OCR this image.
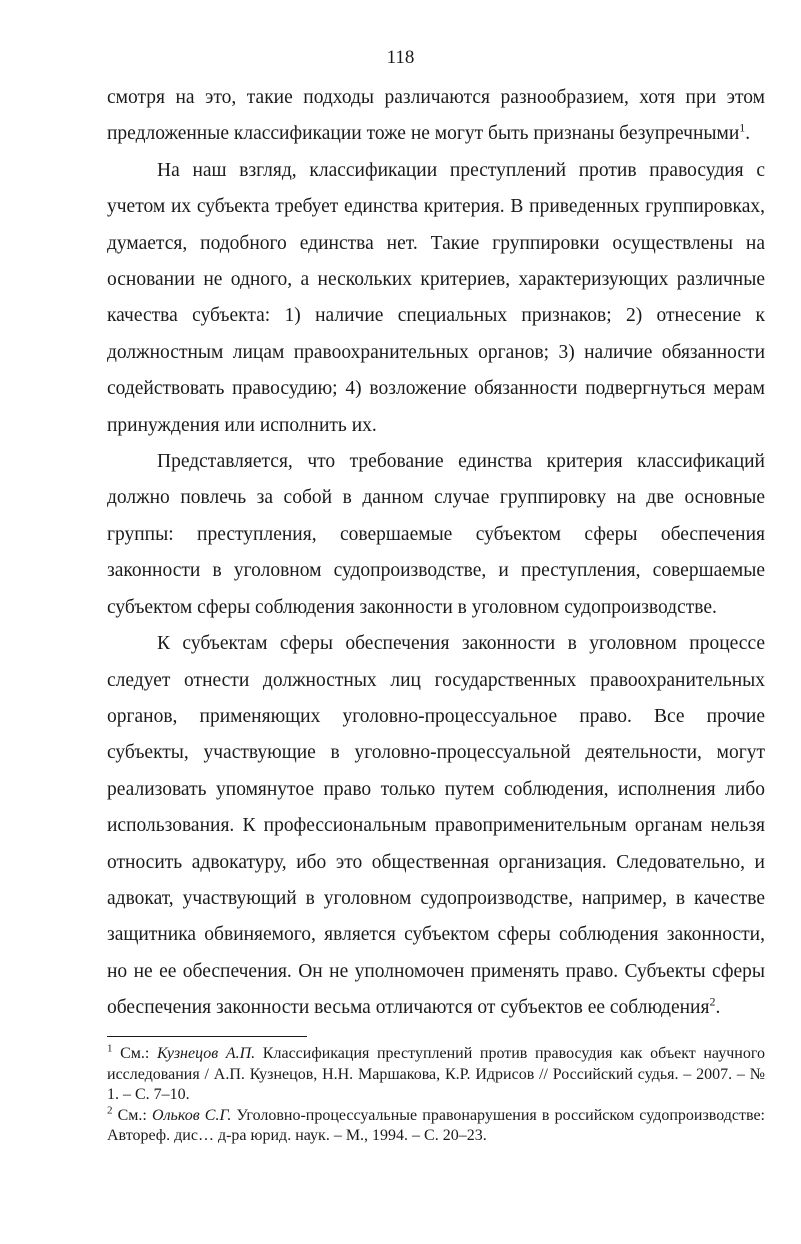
118

смотря на это, такие подходы различаются разнообразием, хотя при этом предложенные классификации тоже не могут быть признаны безупречными$^1$.

На наш взгляд, классификации преступлений против правосудия с учетом их субъекта требует единства критерия. В приведенных группировках, думается, подобного единства нет. Такие группировки осуществлены на основании не одного, а нескольких критериев, характеризующих различные качества субъекта: 1) наличие специальных признаков; 2) отнесение к должностным лицам правоохранительных органов; 3) наличие обязанности содействовать правосудию; 4) возложение обязанности подвергнуться мерам принуждения или исполнить их.

Представляется, что требование единства критерия классификаций должно повлечь за собой в данном случае группировку на две основные группы: преступления, совершаемые субъектом сферы обеспечения законности в уголовном судопроизводстве, и преступления, совершаемые субъектом сферы соблюдения законности в уголовном судопроизводстве.

К субъектам сферы обеспечения законности в уголовном процессе следует отнести должностных лиц государственных правоохранительных органов, применяющих уголовно-процессуальное право. Все прочие субъекты, участвующие в уголовно-процессуальной деятельности, могут реализовать упомянутое право только путем соблюдения, исполнения либо использования. К профессиональным правоприменительным органам нельзя относить адвокатуру, ибо это общественная организация. Следовательно, и адвокат, участвующий в уголовном судопроизводстве, например, в качестве защитника обвиняемого, является субъектом сферы соблюдения законности, но не ее обеспечения. Он не уполномочен применять право. Субъекты сферы обеспечения законности весьма отличаются от субъектов ее соблюдения$^2$.

$^1$ См.: Кузнецов А.П. Классификация преступлений против правосудия как объект научного исследования / А.П. Кузнецов, Н.Н. Маршакова, К.Р. Идрисов // Российский судья. – 2007. – № 1. – С. 7–10.

$^2$ См.: Ольков С.Г. Уголовно-процессуальные правонарушения в российском судопроизводстве: Автореф. дис… д-ра юрид. наук. – М., 1994. – С. 20–23.
